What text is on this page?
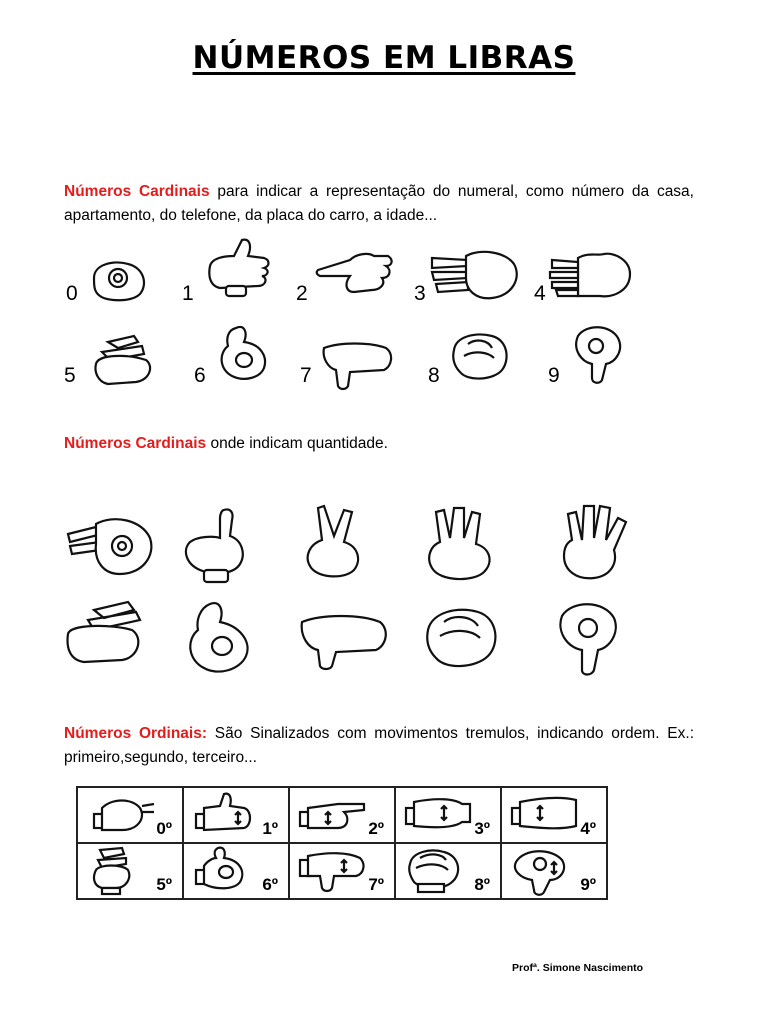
NÚMEROS EM LIBRAS
Números Cardinais para indicar a representação do numeral, como número da casa, apartamento, do telefone, da placa do carro, a idade...
0	1	2	3	4
5	6	7	8	9
Números Cardinais onde indicam quantidade.
Números Ordinais: São Sinalizados com movimentos tremulos, indicando ordem. Ex.: primeiro,segundo, terceiro...
0º	1º	2º	3º	4º

5º	6º	7º	8º	9º
Profª. Simone Nascimento
